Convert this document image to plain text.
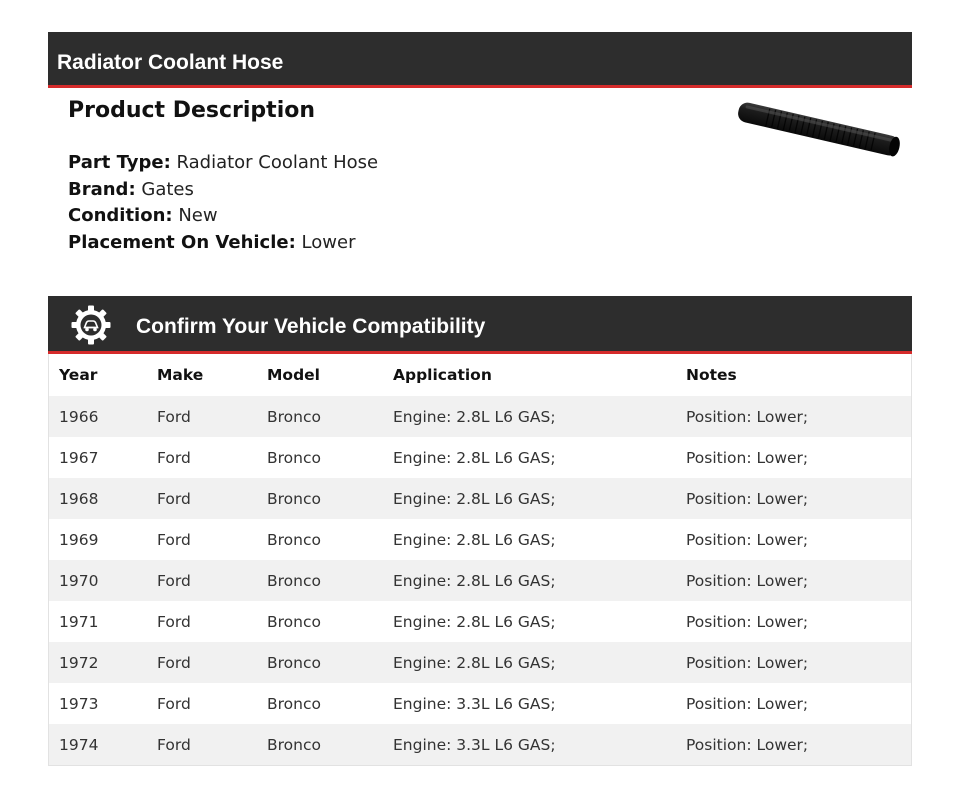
Radiator Coolant Hose
Product Description
Part Type: Radiator Coolant Hose
Brand: Gates
Condition: New
Placement On Vehicle: Lower
Confirm Your Vehicle Compatibility
Year	Make	Model	Application	Notes
1966	Ford	Bronco	Engine: 2.8L L6 GAS;	Position: Lower;
1967	Ford	Bronco	Engine: 2.8L L6 GAS;	Position: Lower;
1968	Ford	Bronco	Engine: 2.8L L6 GAS;	Position: Lower;
1969	Ford	Bronco	Engine: 2.8L L6 GAS;	Position: Lower;
1970	Ford	Bronco	Engine: 2.8L L6 GAS;	Position: Lower;
1971	Ford	Bronco	Engine: 2.8L L6 GAS;	Position: Lower;
1972	Ford	Bronco	Engine: 2.8L L6 GAS;	Position: Lower;
1973	Ford	Bronco	Engine: 3.3L L6 GAS;	Position: Lower;
1974	Ford	Bronco	Engine: 3.3L L6 GAS;	Position: Lower;
